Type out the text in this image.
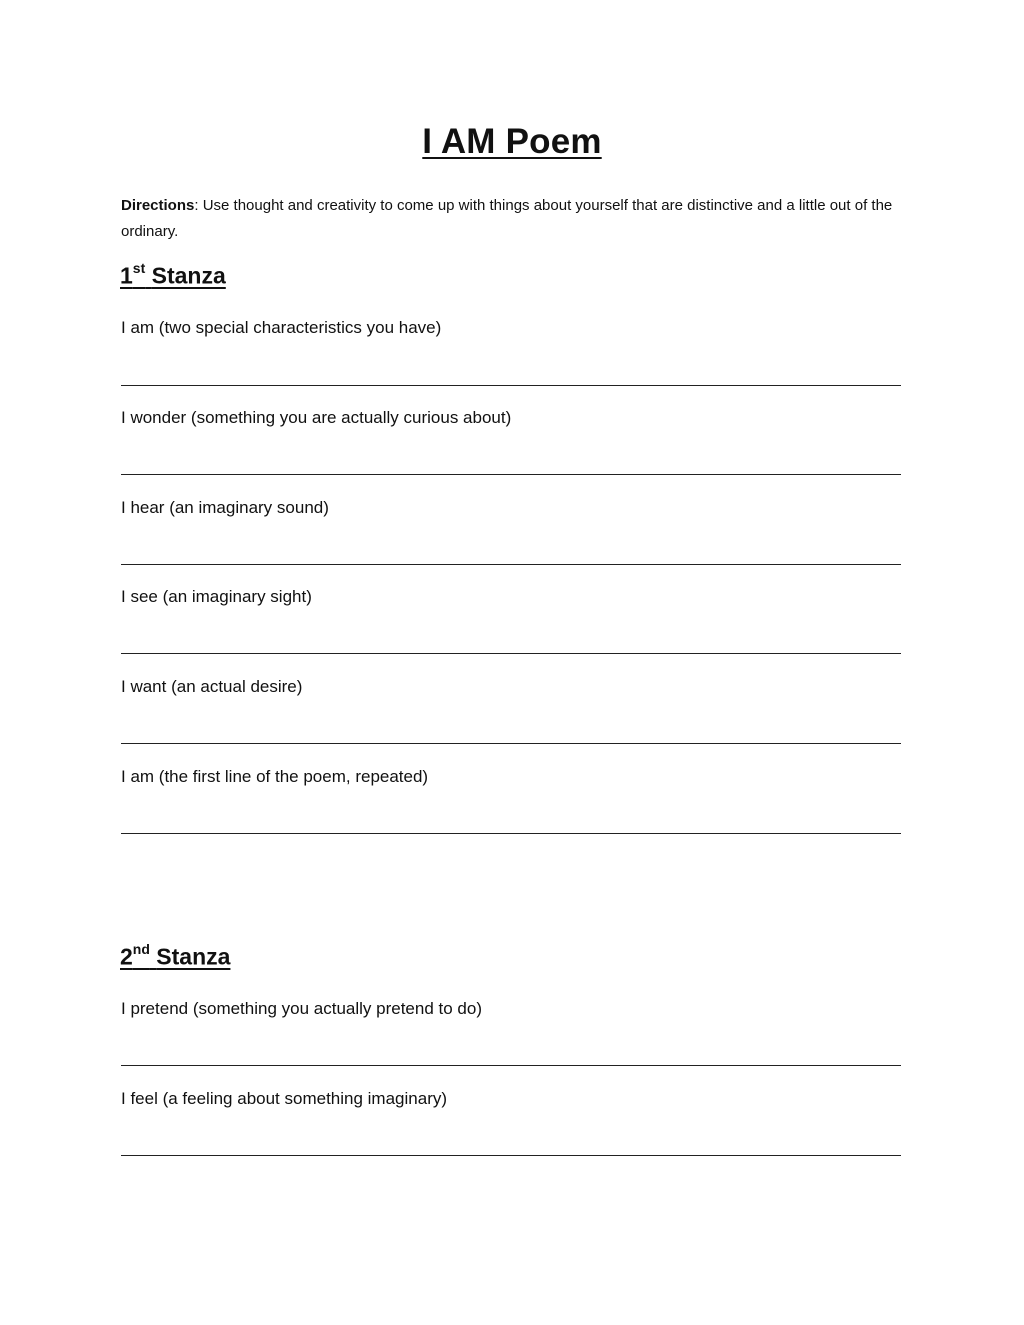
I AM Poem
Directions: Use thought and creativity to come up with things about yourself that are distinctive and a little out of the ordinary.
1st Stanza
I am (two special characteristics you have)
I wonder (something you are actually curious about)
I hear (an imaginary sound)
I see (an imaginary sight)
I want (an actual desire)
I am (the first line of the poem, repeated)
2nd Stanza
I pretend (something you actually pretend to do)
I feel (a feeling about something imaginary)
